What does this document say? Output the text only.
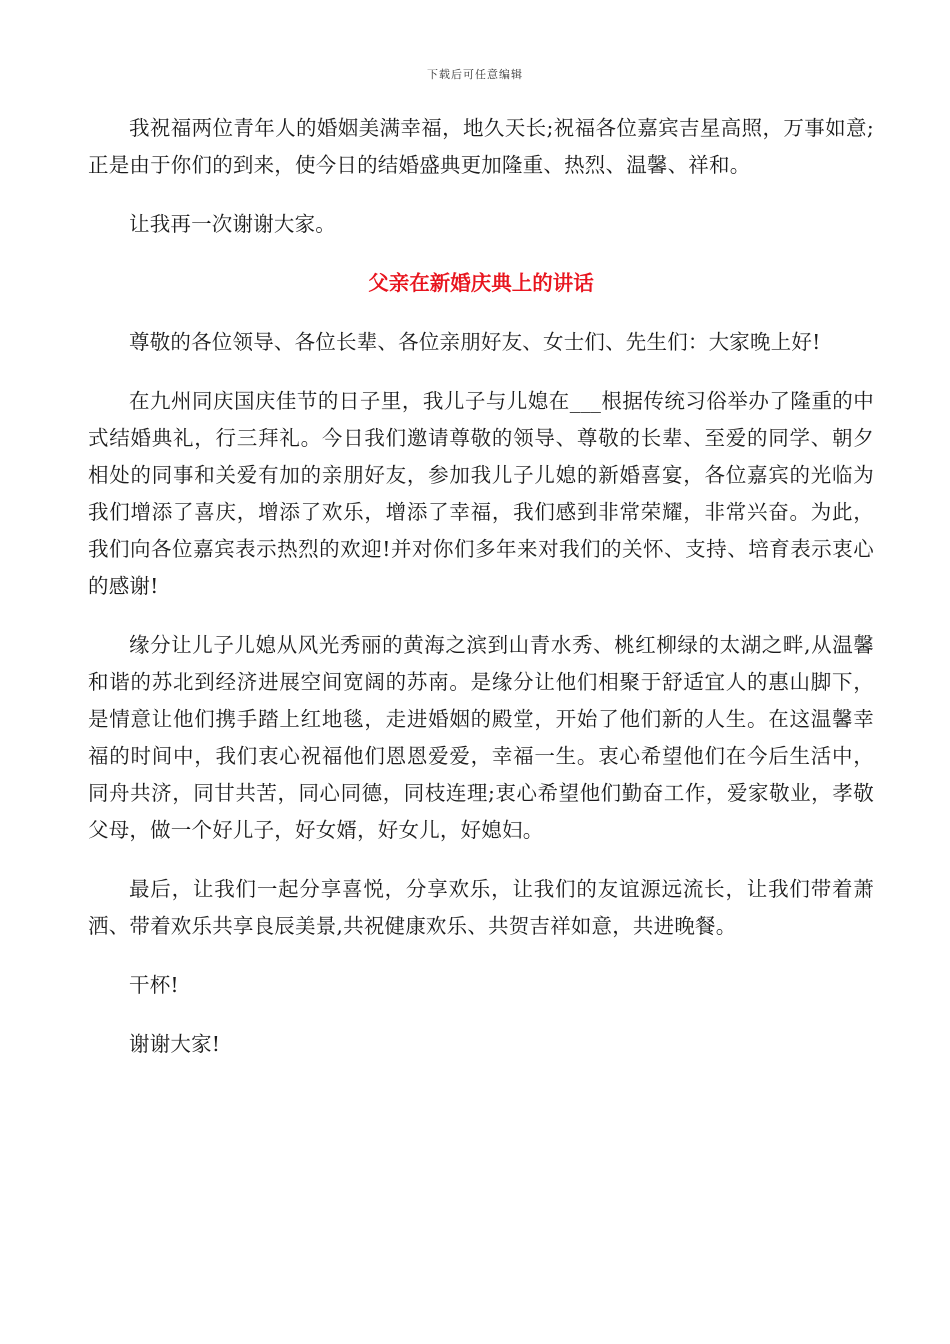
下载后可任意编辑

我祝福两位青年人的婚姻美满幸福，地久天长;祝福各位嘉宾吉星高照，万事如意;正是由于你们的到来，使今日的结婚盛典更加隆重、热烈、温馨、祥和。

让我再一次谢谢大家。

父亲在新婚庆典上的讲话

尊敬的各位领导、各位长辈、各位亲朋好友、女士们、先生们：大家晚上好!

在九州同庆国庆佳节的日子里，我儿子与儿媳在___根据传统习俗举办了隆重的中式结婚典礼，行三拜礼。今日我们邀请尊敬的领导、尊敬的长辈、至爱的同学、朝夕相处的同事和关爱有加的亲朋好友，参加我儿子儿媳的新婚喜宴，各位嘉宾的光临为我们增添了喜庆，增添了欢乐，增添了幸福，我们感到非常荣耀，非常兴奋。为此，我们向各位嘉宾表示热烈的欢迎!并对你们多年来对我们的关怀、支持、培育表示衷心的感谢!

缘分让儿子儿媳从风光秀丽的黄海之滨到山青水秀、桃红柳绿的太湖之畔,从温馨和谐的苏北到经济进展空间宽阔的苏南。是缘分让他们相聚于舒适宜人的惠山脚下，是情意让他们携手踏上红地毯，走进婚姻的殿堂，开始了他们新的人生。在这温馨幸福的时间中，我们衷心祝福他们恩恩爱爱，幸福一生。衷心希望他们在今后生活中，同舟共济，同甘共苦，同心同德，同枝连理;衷心希望他们勤奋工作，爱家敬业，孝敬父母，做一个好儿子，好女婿，好女儿，好媳妇。

最后，让我们一起分享喜悦，分享欢乐，让我们的友谊源远流长，让我们带着萧洒、带着欢乐共享良辰美景,共祝健康欢乐、共贺吉祥如意，共进晚餐。

干杯!

谢谢大家!
